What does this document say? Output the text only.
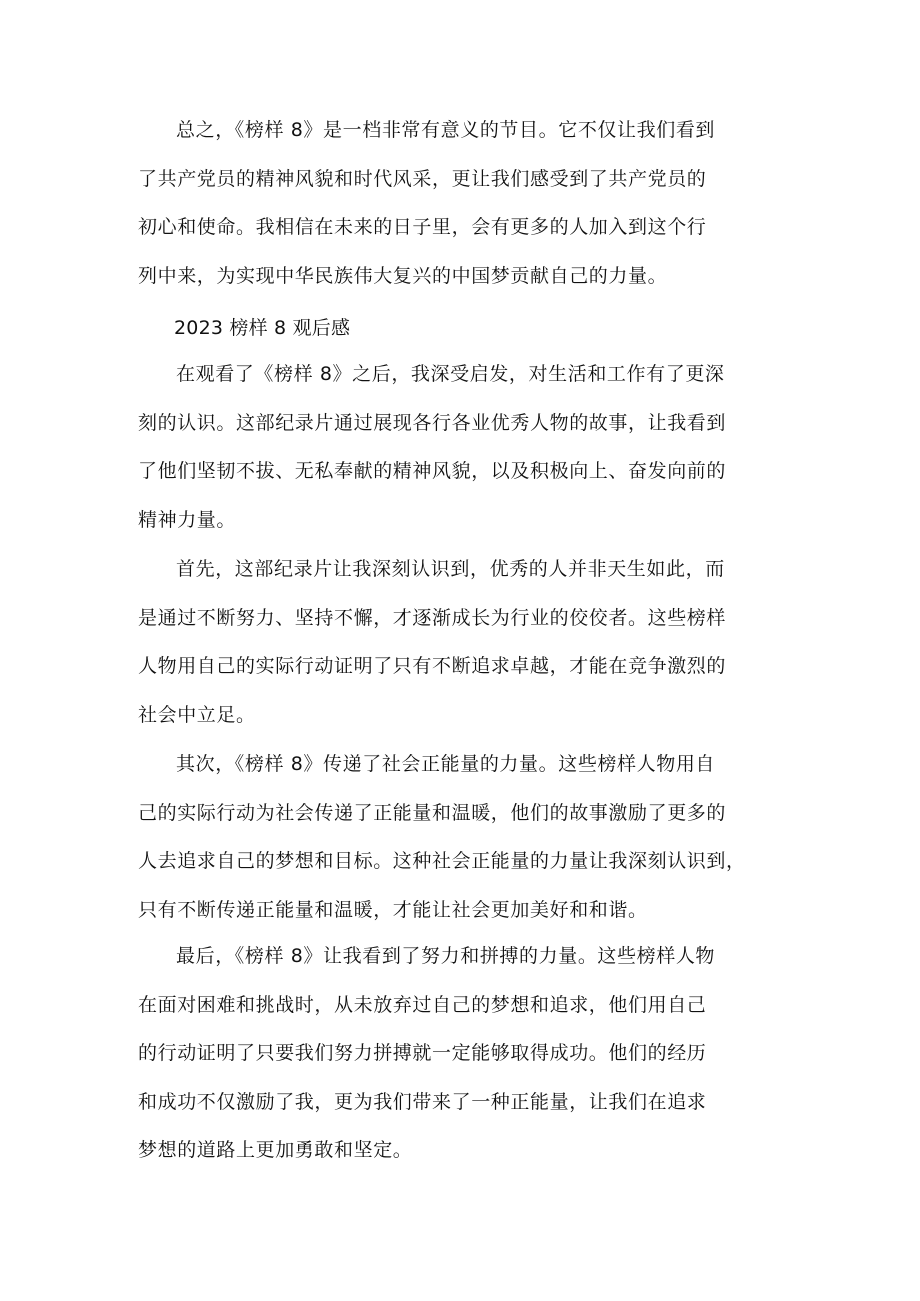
总之，《榜样 8》是一档非常有意义的节目。它不仅让我们看到
了共产党员的精神风貌和时代风采，更让我们感受到了共产党员的
初心和使命。我相信在未来的日子里，会有更多的人加入到这个行
列中来，为实现中华民族伟大复兴的中国梦贡献自己的力量。
2023 榜样 8 观后感
在观看了《榜样 8》之后，我深受启发，对生活和工作有了更深
刻的认识。这部纪录片通过展现各行各业优秀人物的故事，让我看到
了他们坚韧不拔、无私奉献的精神风貌，以及积极向上、奋发向前的
精神力量。
首先，这部纪录片让我深刻认识到，优秀的人并非天生如此，而
是通过不断努力、坚持不懈，才逐渐成长为行业的佼佼者。这些榜样
人物用自己的实际行动证明了只有不断追求卓越，才能在竞争激烈的
社会中立足。
其次，《榜样 8》传递了社会正能量的力量。这些榜样人物用自
己的实际行动为社会传递了正能量和温暖，他们的故事激励了更多的
人去追求自己的梦想和目标。这种社会正能量的力量让我深刻认识到，
只有不断传递正能量和温暖，才能让社会更加美好和和谐。
最后，《榜样 8》让我看到了努力和拼搏的力量。这些榜样人物
在面对困难和挑战时，从未放弃过自己的梦想和追求，他们用自己
的行动证明了只要我们努力拼搏就一定能够取得成功。他们的经历
和成功不仅激励了我，更为我们带来了一种正能量，让我们在追求
梦想的道路上更加勇敢和坚定。
